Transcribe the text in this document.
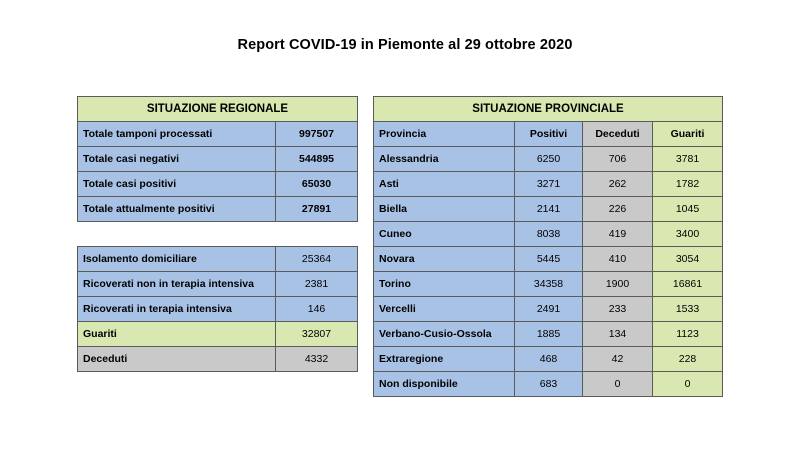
Report COVID-19 in Piemonte al 29 ottobre 2020
SITUAZIONE REGIONALE	
Totale tamponi processati	997507
Totale casi negativi	544895
Totale casi positivi	65030
Totale attualmente positivi	27891
Isolamento domiciliare	25364
Ricoverati non in terapia intensiva	2381
Ricoverati in terapia intensiva	146
Guariti	32807
Deceduti	4332
SITUAZIONE PROVINCIALE			
Provincia	Positivi	Deceduti	Guariti
Alessandria	6250	706	3781
Asti	3271	262	1782
Biella	2141	226	1045
Cuneo	8038	419	3400
Novara	5445	410	3054
Torino	34358	1900	16861
Vercelli	2491	233	1533
Verbano-Cusio-Ossola	1885	134	1123
Extraregione	468	42	228
Non disponibile	683	0	0
